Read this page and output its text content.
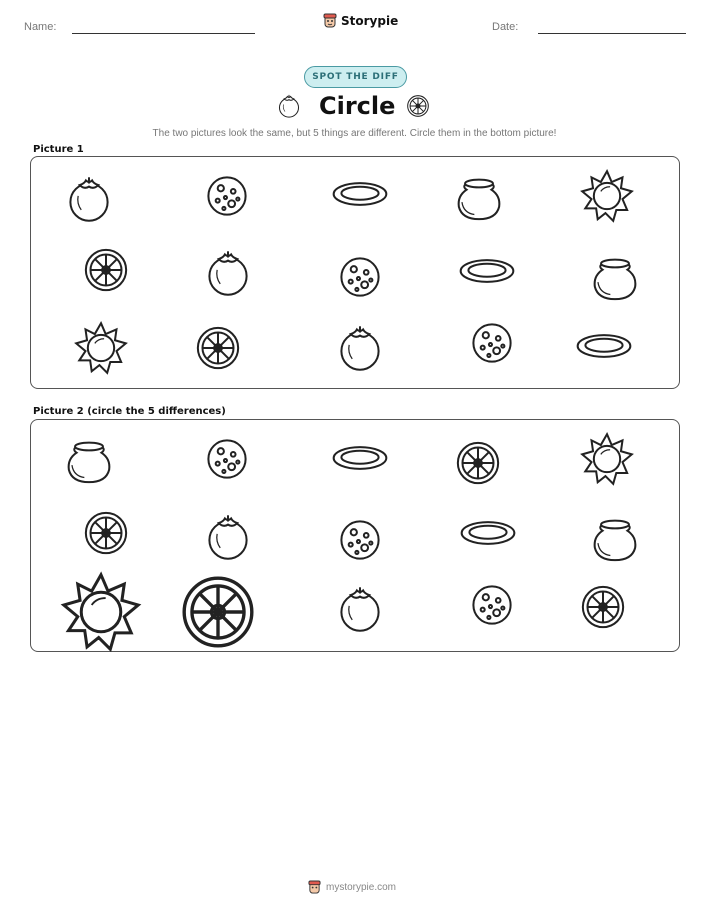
Name:	Storypie	Date:
SPOT THE DIFF
Circle
The two pictures look the same, but 5 things are different. Circle them in the bottom picture!
Picture 1
Picture 2 (circle the 5 differences)
mystorypie.com
